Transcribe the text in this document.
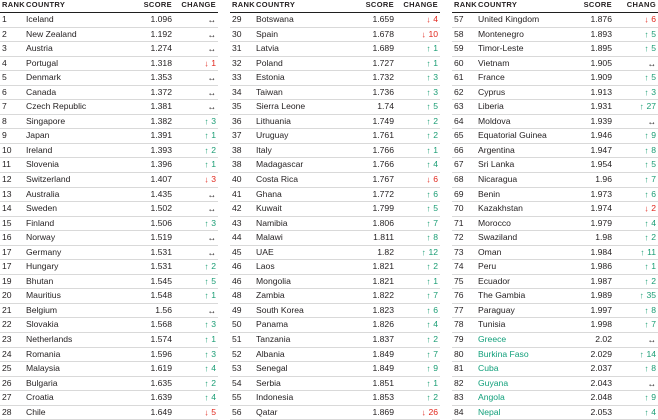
RANK	COUNTRY	SCORE	CHANGE
1	Iceland	1.096	↔
2	New Zealand	1.192	↔
3	Austria	1.274	↔
4	Portugal	1.318	↓ 1
5	Denmark	1.353	↔
6	Canada	1.372	↔
7	Czech Republic	1.381	↔
8	Singapore	1.382	↑ 3
9	Japan	1.391	↑ 1
10	Ireland	1.393	↑ 2
11	Slovenia	1.396	↑ 1
12	Switzerland	1.407	↓ 3
13	Australia	1.435	↔
14	Sweden	1.502	↔
15	Finland	1.506	↑ 3
16	Norway	1.519	↔
17	Germany	1.531	↔
17	Hungary	1.531	↑ 2
19	Bhutan	1.545	↑ 5
20	Mauritius	1.548	↑ 1
21	Belgium	1.56	↔
22	Slovakia	1.568	↑ 3
23	Netherlands	1.574	↑ 1
24	Romania	1.596	↑ 3
25	Malaysia	1.619	↑ 4
26	Bulgaria	1.635	↑ 2
27	Croatia	1.639	↑ 4
28	Chile	1.649	↓ 5
RANK	COUNTRY	SCORE	CHANGE
29	Botswana	1.659	↓ 4
30	Spain	1.678	↓ 10
31	Latvia	1.689	↑ 1
32	Poland	1.727	↑ 1
33	Estonia	1.732	↑ 3
34	Taiwan	1.736	↑ 3
35	Sierra Leone	1.74	↑ 5
36	Lithuania	1.749	↑ 2
37	Uruguay	1.761	↑ 2
38	Italy	1.766	↑ 1
38	Madagascar	1.766	↑ 4
40	Costa Rica	1.767	↓ 6
41	Ghana	1.772	↑ 6
42	Kuwait	1.799	↑ 5
43	Namibia	1.806	↑ 7
44	Malawi	1.811	↑ 8
45	UAE	1.82	↑ 12
46	Laos	1.821	↑ 2
46	Mongolia	1.821	↑ 1
48	Zambia	1.822	↑ 7
49	South Korea	1.823	↑ 6
50	Panama	1.826	↑ 4
51	Tanzania	1.837	↑ 2
52	Albania	1.849	↑ 7
53	Senegal	1.849	↑ 9
54	Serbia	1.851	↑ 1
55	Indonesia	1.853	↑ 2
56	Qatar	1.869	↓ 26
RANK	COUNTRY	SCORE	CHANG
57	United Kingdom	1.876	↓ 6
58	Montenegro	1.893	↑ 5
59	Timor-Leste	1.895	↑ 5
60	Vietnam	1.905	↔
61	France	1.909	↑ 5
62	Cyprus	1.913	↑ 3
63	Liberia	1.931	↑ 27
64	Moldova	1.939	↔
65	Equatorial Guinea	1.946	↑ 9
66	Argentina	1.947	↑ 8
67	Sri Lanka	1.954	↑ 5
68	Nicaragua	1.96	↑ 7
69	Benin	1.973	↑ 6
70	Kazakhstan	1.974	↓ 2
71	Morocco	1.979	↑ 4
72	Swaziland	1.98	↑ 2
73	Oman	1.984	↑ 11
74	Peru	1.986	↑ 1
75	Ecuador	1.987	↑ 2
76	The Gambia	1.989	↑ 35
77	Paraguay	1.997	↑ 8
78	Tunisia	1.998	↑ 7
79	Greece	2.02	↔
80	Burkina Faso	2.029	↑ 14
81	Cuba	2.037	↑ 8
82	Guyana	2.043	↔
83	Angola	2.048	↑ 9
84	Nepal	2.053	↑ 4
